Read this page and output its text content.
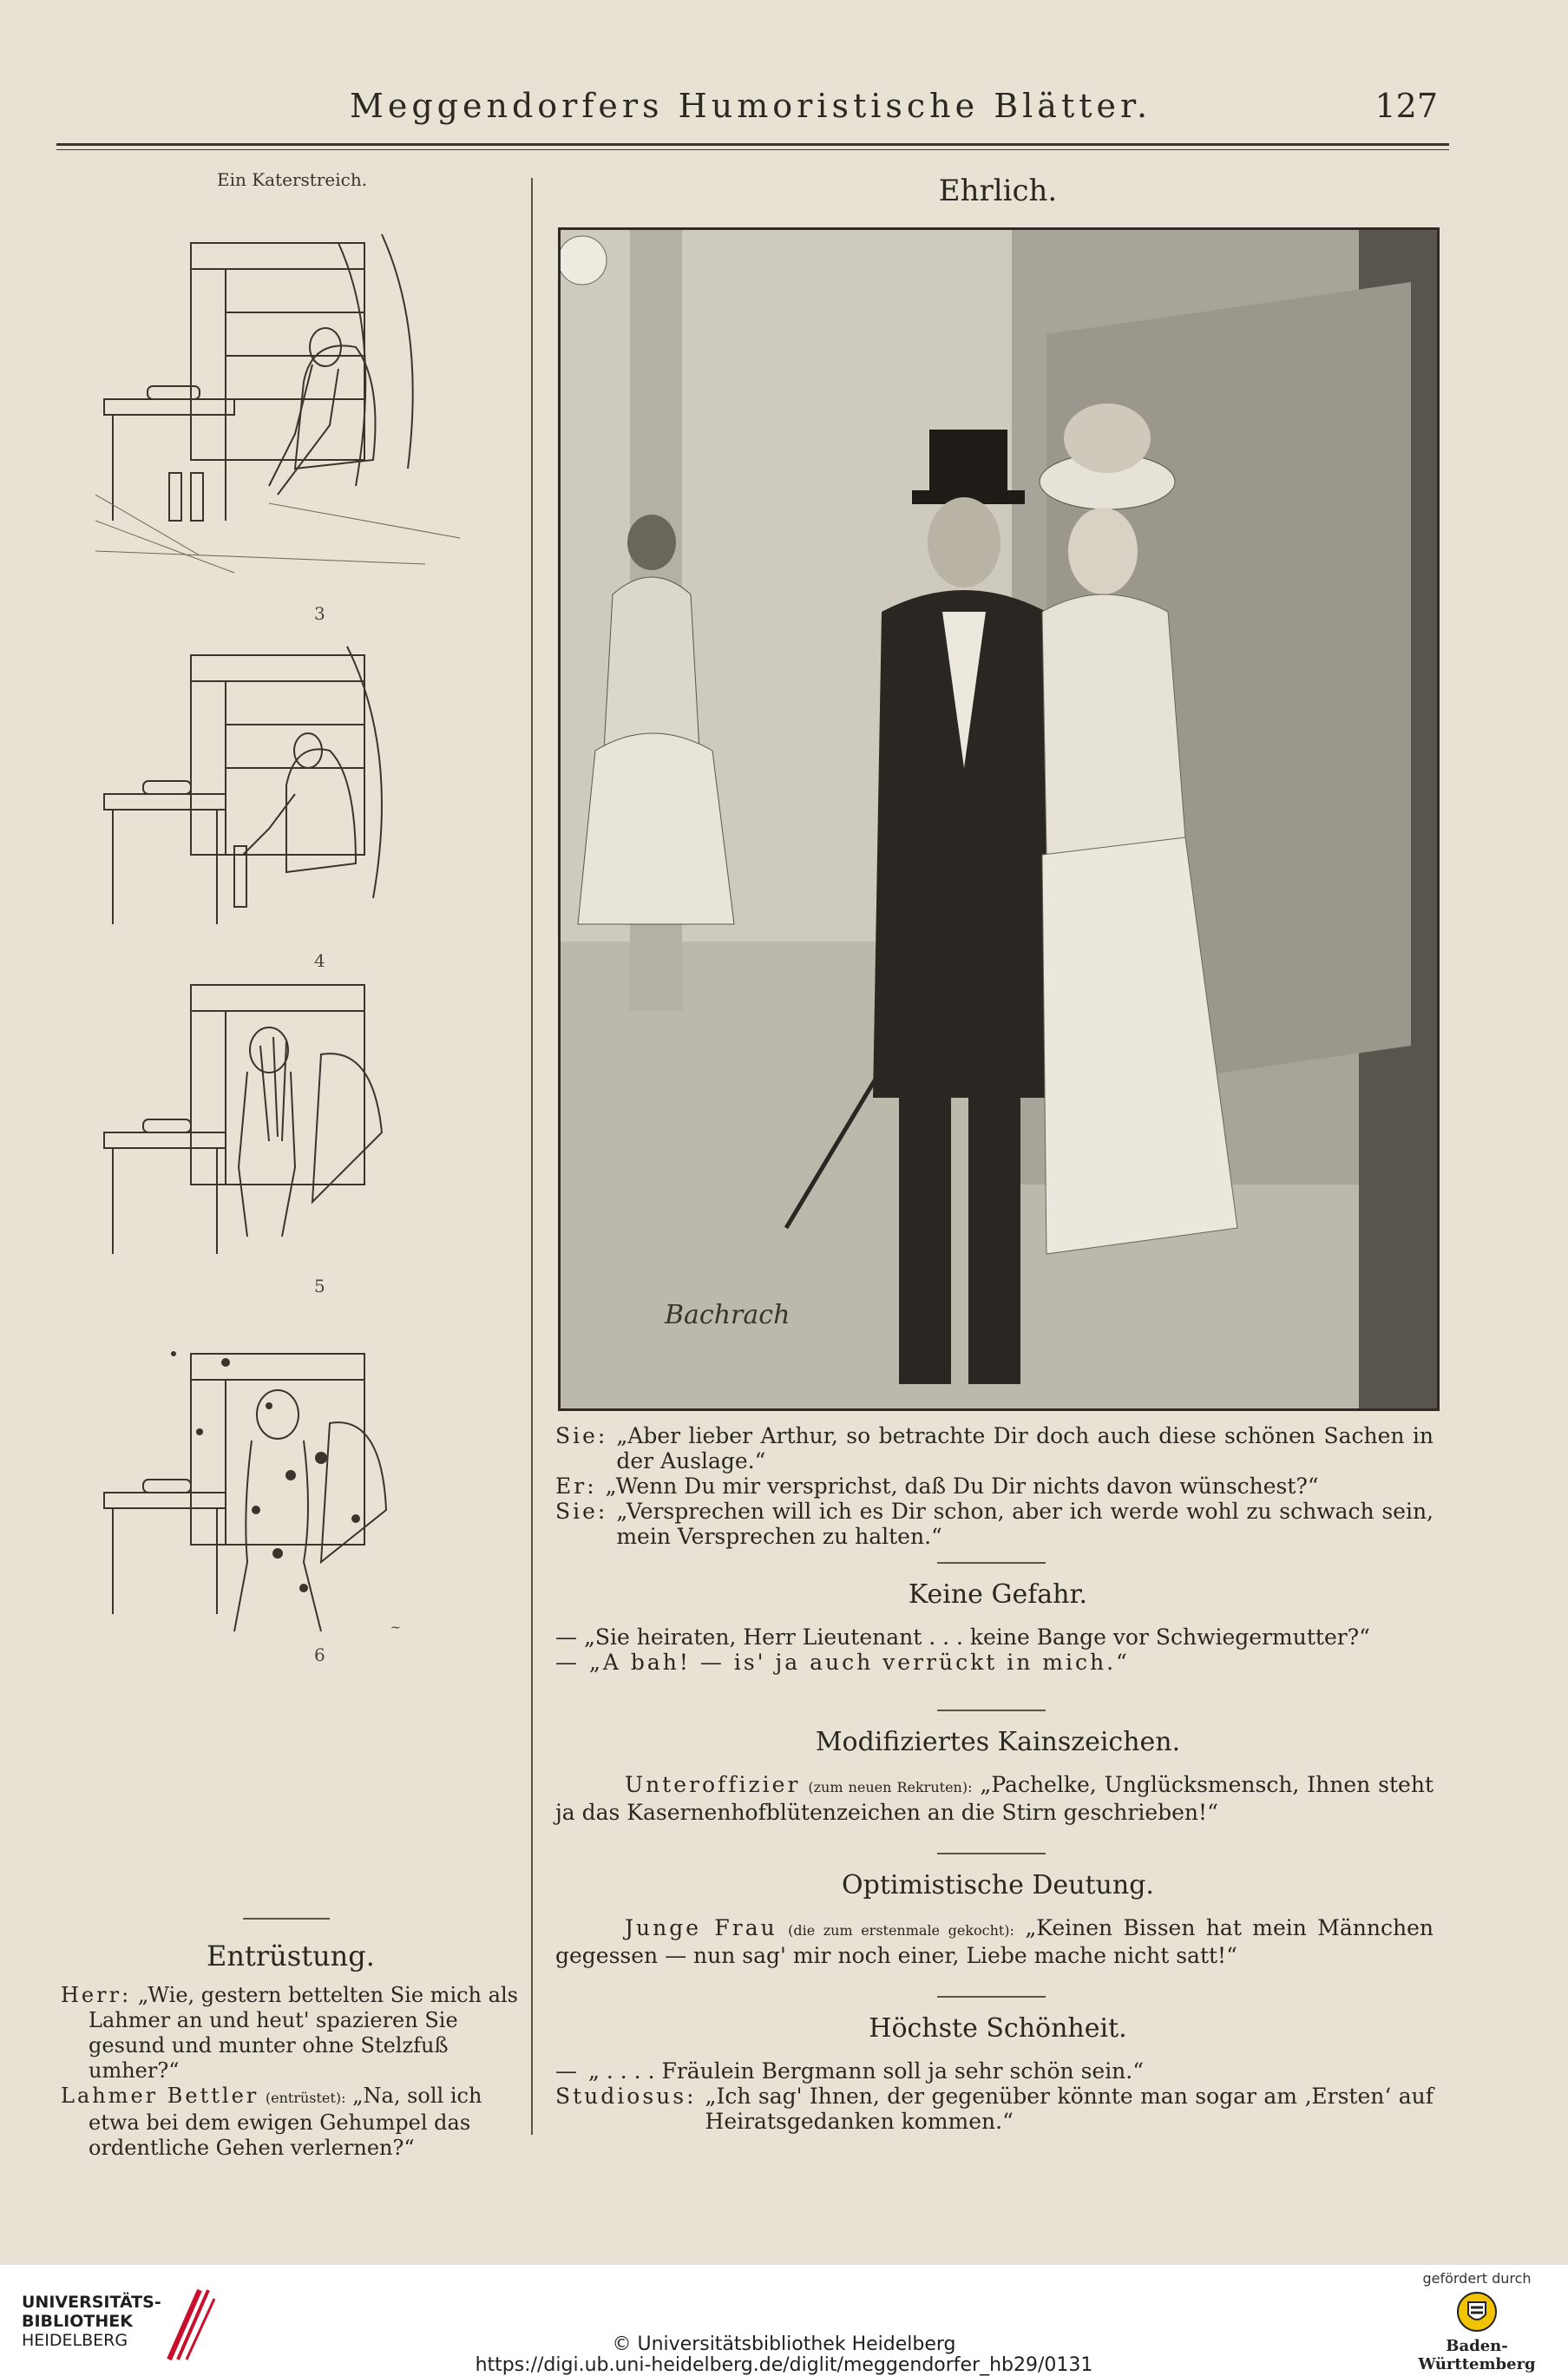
Meggendorfers Humoristische Blätter.	127
Ein Katerstreich.
3
4
5
~
6
Entrüstung.

Herr: „Wie, gestern bettelten Sie mich als Lahmer an und heut' spazieren Sie gesund und munter ohne Stelzfuß umher?“

Lahmer Bettler (entrüstet): „Na, soll ich etwa bei dem ewigen Gehumpel das ordentliche Gehen verlernen?“

Ehrlich.
Bachrach
Sie: „Aber lieber Arthur, so betrachte Dir doch auch diese schönen Sachen in der Auslage.“
Er: „Wenn Du mir versprichst, daß Du Dir nichts davon wünschest?“
Sie: „Versprechen will ich es Dir schon, aber ich werde wohl zu schwach sein, mein Versprechen zu halten.“
Keine Gefahr.

— „Sie heiraten, Herr Lieutenant . . . keine Bange vor Schwiegermutter?“

— „A bah! — is' ja auch verrückt in mich.“

Modifiziertes Kainszeichen.

Unteroffizier (zum neuen Rekruten): „Pachelke, Unglücksmensch, Ihnen steht ja das Kasernenhofblütenzeichen an die Stirn geschrieben!“

Optimistische Deutung.

Junge Frau (die zum erstenmale gekocht): „Keinen Bissen hat mein Männchen gegessen — nun sag' mir noch einer, Liebe mache nicht satt!“

Höchste Schönheit.
— „ . . . . Fräulein Bergmann soll ja sehr schön sein.“
Studiosus: „Ich sag' Ihnen, der gegenüber könnte man sogar am ‚Ersten‘ auf Heiratsgedanken kommen.“
UNIVERSITÄTS-
BIBLIOTHEK
HEIDELBERG	© Universitätsbibliothek Heidelberg
https://digi.ub.uni-heidelberg.de/diglit/meggendorfer_hb29/0131
gefördert durch
Baden-Württemberg
